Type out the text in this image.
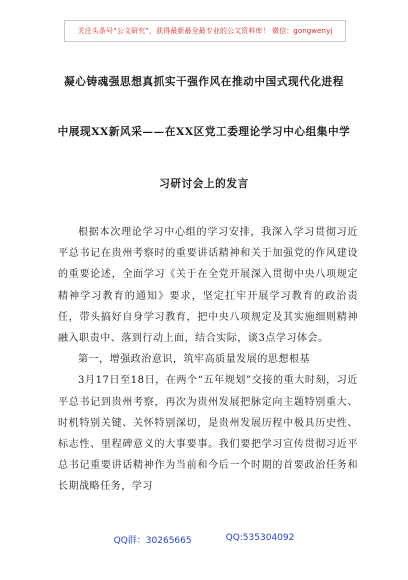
关注头条号“公文研究”，获得最新最全最专业的公文资料库！ 微信：gongwenyj
凝心铸魂强思想真抓实干强作风在推动中国式现代化进程
中展现XX新风采——在XX区党工委理论学习中心组集中学
习研讨会上的发言

根据本次理论学习中心组的学习安排，我深入学习贯彻习近平总书记在贵州考察时的重要讲话精神和关于加强党的作风建设的重要论述，全面学习《关于在全党开展深入贯彻中央八项规定精神学习教育的通知》要求，坚定扛牢开展学习教育的政治责任，带头搞好自身学习教育，把中央八项规定及其实施细则精神融入职责中、落到行动上面，结合实际，谈3点学习体会。

第一，增强政治意识，筑牢高质量发展的思想根基

3月17日至18日，在两个“五年规划”交接的重大时刻，习近平总书记到贵州考察，再次为贵州发展把脉定向主题特别重大、时机特别关键、关怀特别深切，是贵州发展历程中极具历史性、标志性、里程碑意义的大事要事。我们要把学习宣传贯彻习近平总书记重要讲话精神作为当前和今后一个时期的首要政治任务和长期战略任务，学习

QQ群：30265665	QQ:535304092
